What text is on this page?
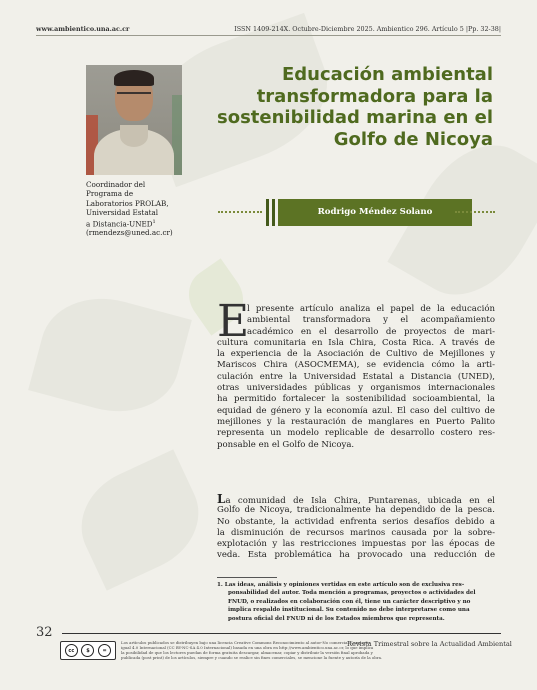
www.ambientico.una.ac.cr	ISSN 1409-214X. Octubre-Diciembre 2025. Ambientico 296. Artículo 5 |Pp. 32-38|
Coordinador del
Programa de
Laboratorios PROLAB,
Universidad Estatal
a Distancia-UNED$^1$
(rmendezs@uned.ac.cr)
Educación ambiental
transformadora para la
sostenibilidad marina en el
Golfo de Nicoya
Rodrigo Méndez Solano
E
l presente artículo analiza el papel de la educación
ambiental transformadora y el acompañamiento
académico en el desarrollo de proyectos de mari-
cultura comunitaria en Isla Chira, Costa Rica. A través de
la experiencia de la Asociación de Cultivo de Mejillones y
Mariscos Chira (ASOCMEMA), se evidencia cómo la arti-
culación entre la Universidad Estatal a Distancia (UNED),
otras universidades públicas y organismos internacionales
ha permitido fortalecer la sostenibilidad socioambiental, la
equidad de género y la economía azul. El caso del cultivo de
mejillones y la restauración de manglares en Puerto Palito
representa un modelo replicable de desarrollo costero res-
ponsable en el Golfo de Nicoya.
La comunidad de Isla Chira, Puntarenas, ubicada en el
Golfo de Nicoya, tradicionalmente ha dependido de la pesca.
No obstante, la actividad enfrenta serios desafíos debido a
la disminución de recursos marinos causada por la sobre-
explotación y las restricciones impuestas por las épocas de
veda. Esta problemática ha provocado una reducción de
1. Las ideas, análisis y opiniones vertidas en este artículo son de exclusiva res-
ponsabilidad del autor. Toda mención a programas, proyectos o actividades del
FNUD, o realizados en colaboración con él, tiene un carácter descriptivo y no
implica respaldo institucional. Su contenido no debe interpretarse como una
postura oficial del FNUD ni de los Estados miembros que representa.
32
cc	$	=
Los artículos publicados se distribuyen bajo una licencia Creative Commons Reconocimiento al autor-No comercial-Compartir
igual 4.0 Internacional (CC BY-NC-SA 4.0 Internacional) basada en una obra en http://www.ambientico.una.ac.cr, lo que implica
la posibilidad de que los lectores puedan de forma gratuita descargar, almacenar, copiar y distribuir la versión final aprobada y
publicada (post print) de los artículos, siempre y cuando se realice sin fines comerciales, se mencione la fuente y autoría de la obra.
Revista Trimestral sobre la Actualidad Ambiental
